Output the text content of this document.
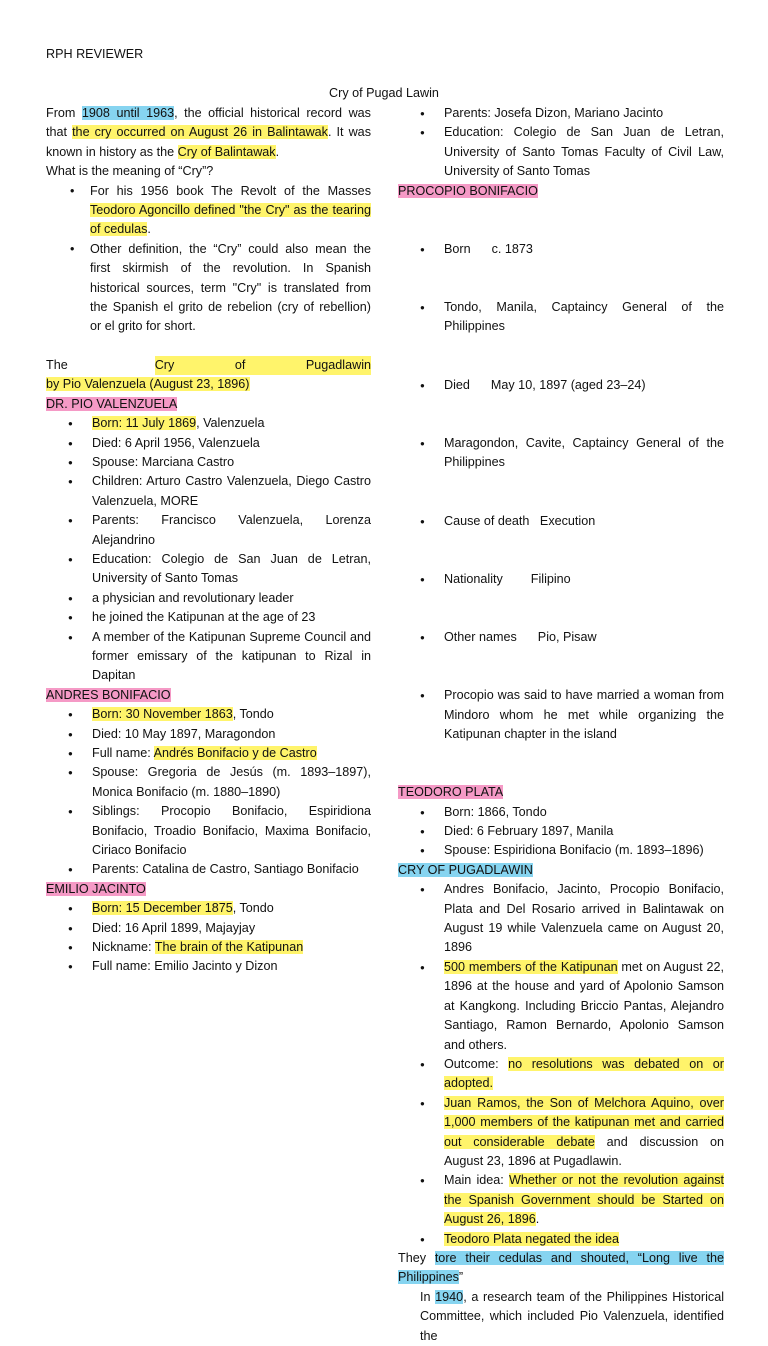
RPH REVIEWER
Cry of Pugad Lawin

From 1908 until 1963, the official historical record was that the cry occurred on August 26 in Balintawak. It was known in history as the Cry of Balintawak.

What is the meaning of “Cry”?

• For his 1956 book The Revolt of the Masses Teodoro Agoncillo defined "the Cry" as the tearing of cedulas.
• Other definition, the “Cry” could also mean the first skirmish of the revolution. In Spanish historical sources, term "Cry" is translated from the Spanish el grito de rebelion (cry of rebellion) or el grito for short.
The	Cry	of	Pugadlawin

by Pio Valenzuela (August 23, 1896)

DR. PIO VALENZUELA

● Born: 11 July 1869, Valenzuela
● Died: 6 April 1956, Valenzuela
● Spouse: Marciana Castro
● Children: Arturo Castro Valenzuela, Diego Castro Valenzuela, MORE
● Parents: Francisco Valenzuela, Lorenza Alejandrino
● Education: Colegio de San Juan de Letran, University of Santo Tomas
● a physician and revolutionary leader
● he joined the Katipunan at the age of 23
● A member of the Katipunan Supreme Council and former emissary of the katipunan to Rizal in Dapitan

ANDRES BONIFACIO

● Born: 30 November 1863, Tondo
● Died: 10 May 1897, Maragondon
● Full name: Andrés Bonifacio y de Castro
● Spouse: Gregoria de Jesús (m. 1893–1897), Monica Bonifacio (m. 1880–1890)
● Siblings: Procopio Bonifacio, Espiridiona Bonifacio, Troadio Bonifacio, Maxima Bonifacio, Ciriaco Bonifacio
● Parents: Catalina de Castro, Santiago Bonifacio

EMILIO JACINTO

● Born: 15 December 1875, Tondo
● Died: 16 April 1899, Majayjay
● Nickname: The brain of the Katipunan
● Full name: Emilio Jacinto y Dizon
● Parents: Josefa Dizon, Mariano Jacinto
● Education: Colegio de San Juan de Letran, University of Santo Tomas Faculty of Civil Law, University of Santo Tomas

PROCOPIO BONIFACIO

● Born      c. 1873

● Tondo, Manila, Captaincy General of the Philippines

● Died      May 10, 1897 (aged 23–24)

● Maragondon, Cavite, Captaincy General of the Philippines

● Cause of death   Execution

● Nationality        Filipino

● Other names      Pio, Pisaw

● Procopio was said to have married a woman from Mindoro whom he met while organizing the Katipunan chapter in the island

TEODORO PLATA

● Born: 1866, Tondo
● Died: 6 February 1897, Manila
● Spouse: Espiridiona Bonifacio (m. 1893–1896)

CRY OF PUGADLAWIN

● Andres Bonifacio, Jacinto, Procopio Bonifacio, Plata and Del Rosario arrived in Balintawak on August 19 while Valenzuela came on August 20, 1896
● 500 members of the Katipunan met on August 22, 1896 at the house and yard of Apolonio Samson at Kangkong. Including Briccio Pantas, Alejandro Santiago, Ramon Bernardo, Apolonio Samson and others.
● Outcome: no resolutions was debated on or adopted.
● Juan Ramos, the Son of Melchora Aquino, over 1,000 members of the katipunan met and carried out considerable debate and discussion on August 23, 1896 at Pugadlawin.
● Main idea: Whether or not the revolution against the Spanish Government should be Started on August 26, 1896.
● Teodoro Plata negated the idea

They tore their cedulas and shouted, “Long live the Philippines”

In 1940, a research team of the Philippines Historical Committee, which included Pio Valenzuela, identified the
